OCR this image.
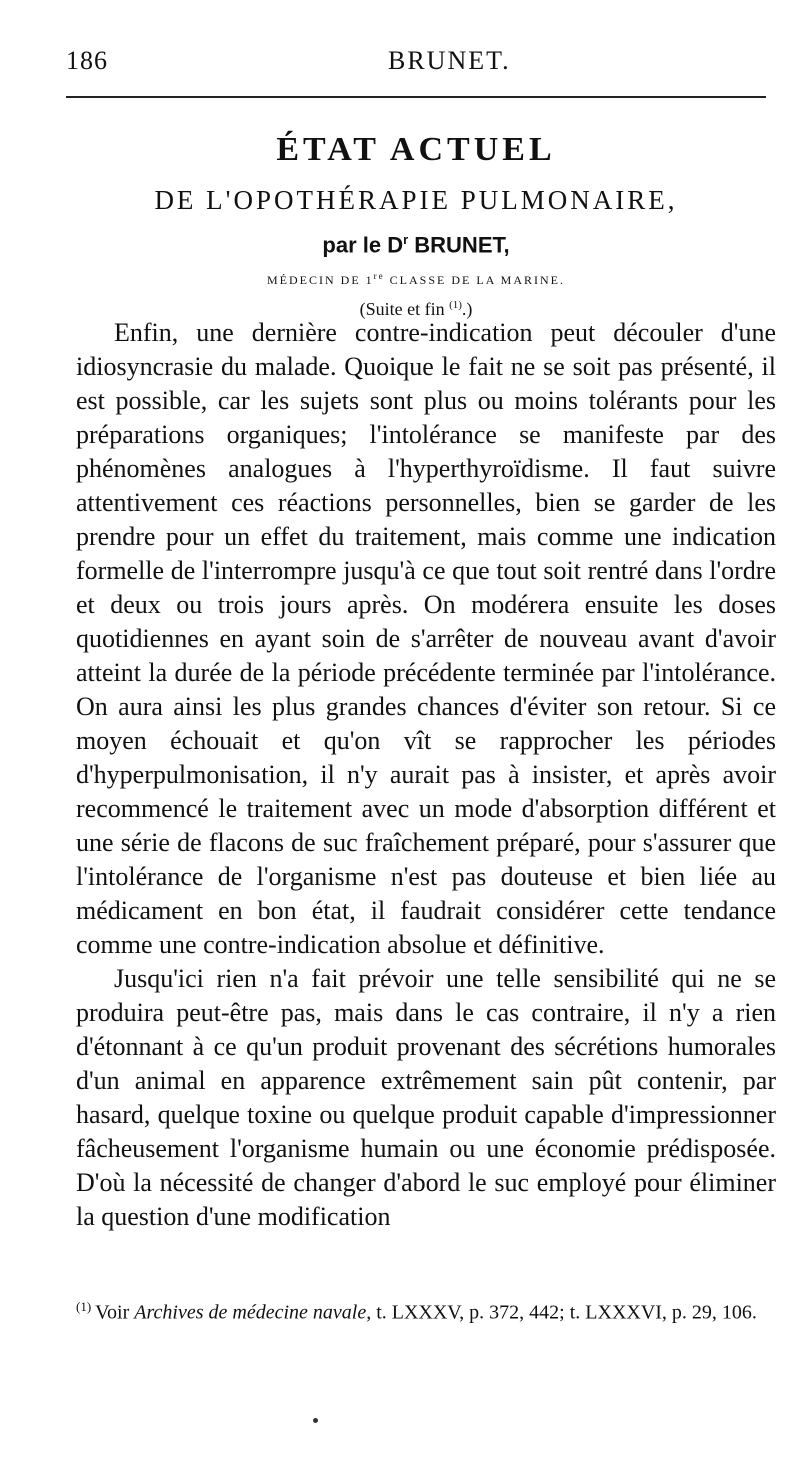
186	BRUNET.
ÉTAT ACTUEL
DE L'OPOTHÉRAPIE PULMONAIRE,
par le $D^r$ BRUNET,
MÉDECIN DE 1re CLASSE DE LA MARINE.
(Suite et fin $^{(1)}$.)

Enfin, une dernière contre-indication peut découler d'une idiosyncrasie du malade. Quoique le fait ne se soit pas présenté, il est possible, car les sujets sont plus ou moins tolérants pour les préparations organiques; l'intolérance se manifeste par des phénomènes analogues à l'hyperthyroïdisme. Il faut suivre attentivement ces réactions personnelles, bien se garder de les prendre pour un effet du traitement, mais comme une indication formelle de l'interrompre jusqu'à ce que tout soit rentré dans l'ordre et deux ou trois jours après. On modérera ensuite les doses quotidiennes en ayant soin de s'arrêter de nouveau avant d'avoir atteint la durée de la période précédente terminée par l'intolérance. On aura ainsi les plus grandes chances d'éviter son retour. Si ce moyen échouait et qu'on vît se rapprocher les périodes d'hyperpulmonisation, il n'y aurait pas à insister, et après avoir recommencé le traitement avec un mode d'absorption différent et une série de flacons de suc fraîchement préparé, pour s'assurer que l'intolérance de l'organisme n'est pas douteuse et bien liée au médicament en bon état, il faudrait considérer cette tendance comme une contre-indication absolue et définitive.

Jusqu'ici rien n'a fait prévoir une telle sensibilité qui ne se produira peut-être pas, mais dans le cas contraire, il n'y a rien d'étonnant à ce qu'un produit provenant des sécrétions humorales d'un animal en apparence extrêmement sain pût contenir, par hasard, quelque toxine ou quelque produit capable d'impressionner fâcheusement l'organisme humain ou une économie prédisposée. D'où la nécessité de changer d'abord le suc employé pour éliminer la question d'une modification

$^{(1)}$ Voir Archives de médecine navale, t. LXXXV, p. 372, 442; t. LXXXVI, p. 29, 106.
